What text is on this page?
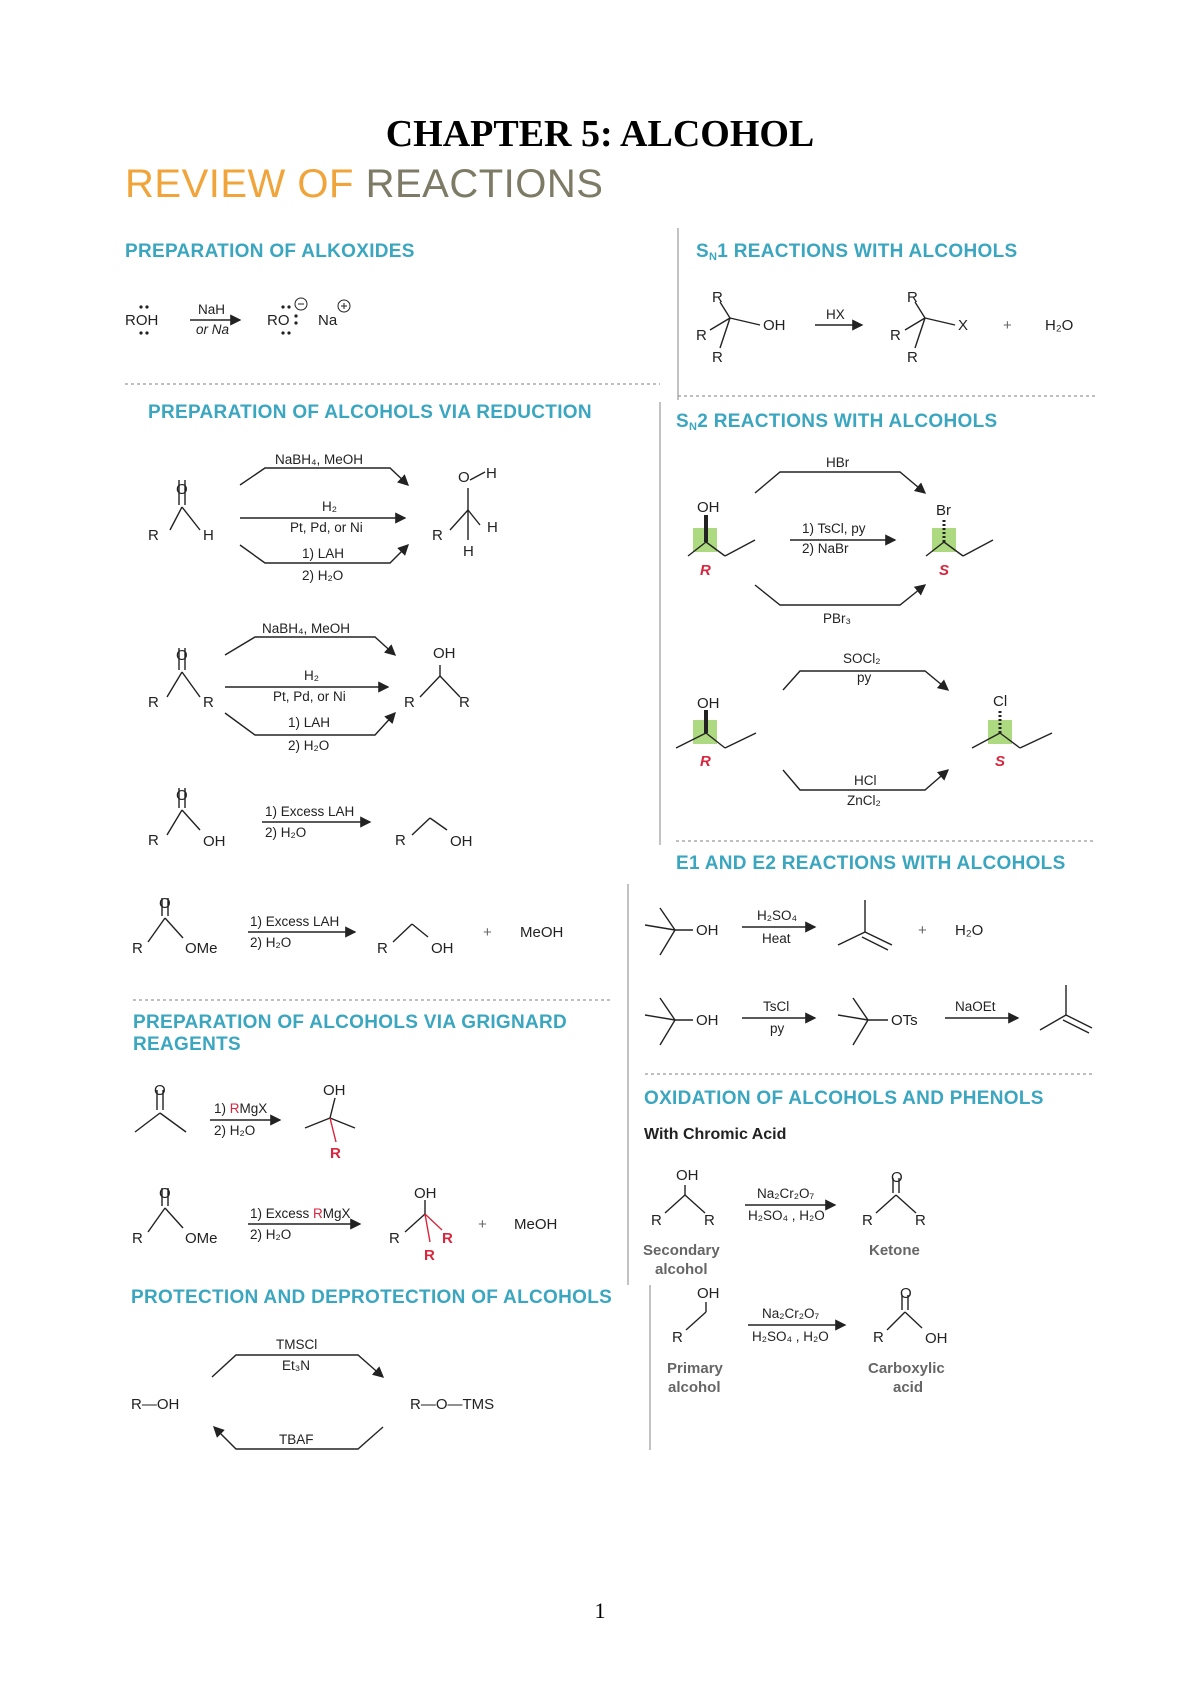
CHAPTER 5: ALCOHOL
REVIEW OF REACTIONS
PREPARATION OF ALKOXIDES	$S_N1$ REACTIONS WITH ALCOHOLS
PREPARATION OF ALCOHOLS VIA REDUCTION	$S_N2$ REACTIONS WITH ALCOHOLS
E1 AND E2 REACTIONS WITH ALCOHOLS
PREPARATION OF ALCOHOLS VIA GRIGNARD
REAGENTS
OXIDATION OF ALCOHOLS AND PHENOLS
With Chromic Acid
PROTECTION AND DEPROTECTION OF ALCOHOLS
ROH
NaH
or Na
RO Na
R
R
R
OH
HX
R
R
R
X + H₂O
O
R	H
NaBH₄, MeOH
H₂
Pt, Pd, or Ni
1) LAH
2) H₂O
O H
H
H
R
O
R	R
NaBH₄, MeOH
H₂
Pt, Pd, or Ni
1) LAH
2) H₂O
OH
R	R
O
R	OH
1) Excess LAH
2) H₂O	R	OH
O
R	OMe
1) Excess LAH
2) H₂O	R	OH
+ MeOH
OH
R
Br
S
HBr
1) TsCl, py
2) NaBr
PBr₃
OH
R
Cl
S
SOCl₂
py
HCl
ZnCl₂
OH
H₂SO₄
Heat	+ H₂O
OH
TsCl
py	OTs
NaOEt
O
1) RMgX
2) H₂O
OH
R
O
R	OMe
1) Excess RMgX
2) H₂O
OH
R	R
R
+ MeOH
OH
R	R
Na₂Cr₂O₇
H₂SO₄ , H₂O
Secondary
alcohol
O
R	R
Ketone
OH
R
Na₂Cr₂O₇
H₂SO₄ , H₂O
Primary
alcohol
O
R	OH
Carboxylic
acid
R—OH
TMSCl
Et₃N
R—O—TMS
TBAF
1
